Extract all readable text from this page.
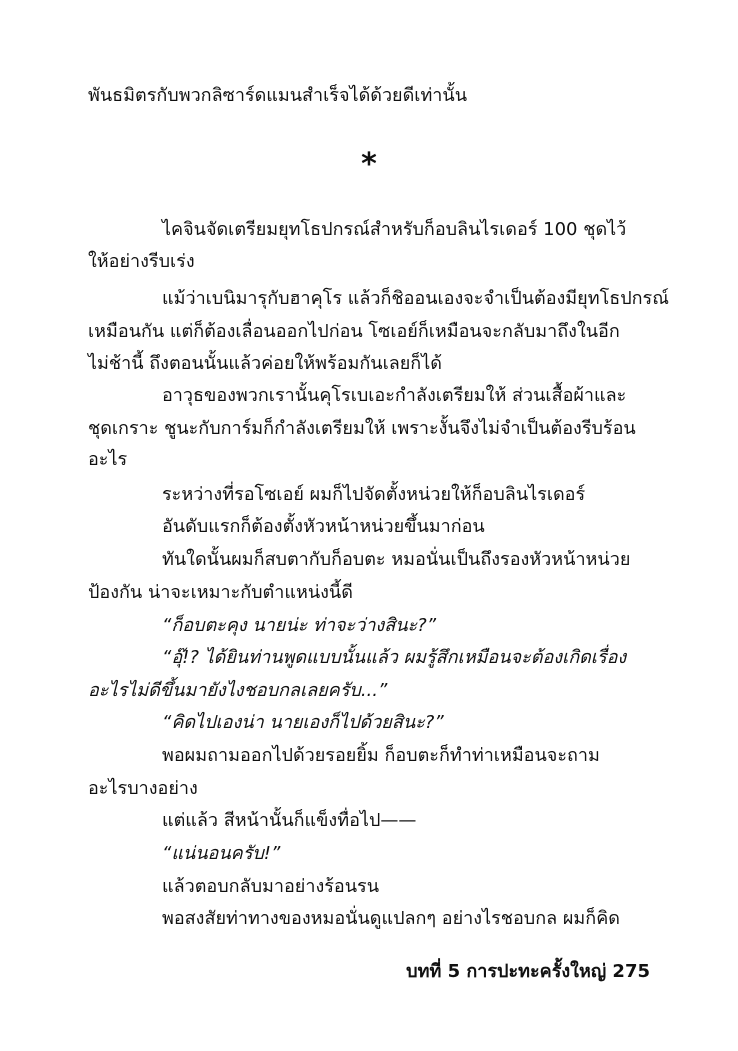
พันธมิตรกับพวกลิซาร์ดแมนสำเร็จได้ด้วยดีเท่านั้น
*
ไคจินจัดเตรียมยุทโธปกรณ์สำหรับก็อบลินไรเดอร์ 100 ชุดไว้
ให้อย่างรีบเร่ง
แม้ว่าเบนิมารุกับฮาคุโร แล้วก็ชิออนเองจะจำเป็นต้องมียุทโธปกรณ์
เหมือนกัน แต่ก็ต้องเลื่อนออกไปก่อน โซเอย์ก็เหมือนจะกลับมาถึงในอีก
ไม่ช้านี้ ถึงตอนนั้นแล้วค่อยให้พร้อมกันเลยก็ได้
อาวุธของพวกเรานั้นคุโรเบเอะกำลังเตรียมให้ ส่วนเสื้อผ้าและ
ชุดเกราะ ชูนะกับการ์มก็กำลังเตรียมให้ เพราะงั้นจึงไม่จำเป็นต้องรีบร้อน
อะไร
ระหว่างที่รอโซเอย์ ผมก็ไปจัดตั้งหน่วยให้ก็อบลินไรเดอร์
อันดับแรกก็ต้องตั้งหัวหน้าหน่วยขึ้นมาก่อน
ทันใดนั้นผมก็สบตากับก็อบตะ หมอนั่นเป็นถึงรองหัวหน้าหน่วย
ป้องกัน น่าจะเหมาะกับตำแหน่งนี้ดี
“ก็อบตะคุง นายน่ะ ท่าจะว่างสินะ?”
“อุ๊!? ได้ยินท่านพูดแบบนั้นแล้ว ผมรู้สึกเหมือนจะต้องเกิดเรื่อง
อะไรไม่ดีขึ้นมายังไงชอบกลเลยครับ...”
“คิดไปเองน่า นายเองก็ไปด้วยสินะ?”
พอผมถามออกไปด้วยรอยยิ้ม ก็อบตะก็ทำท่าเหมือนจะถาม
อะไรบางอย่าง
แต่แล้ว สีหน้านั้นก็แข็งทื่อไป——
“แน่นอนครับ!”
แล้วตอบกลับมาอย่างร้อนรน
พอสงสัยท่าทางของหมอนั่นดูแปลกๆ อย่างไรชอบกล ผมก็คิด
บทที่ 5 การปะทะครั้งใหญ่ 275
